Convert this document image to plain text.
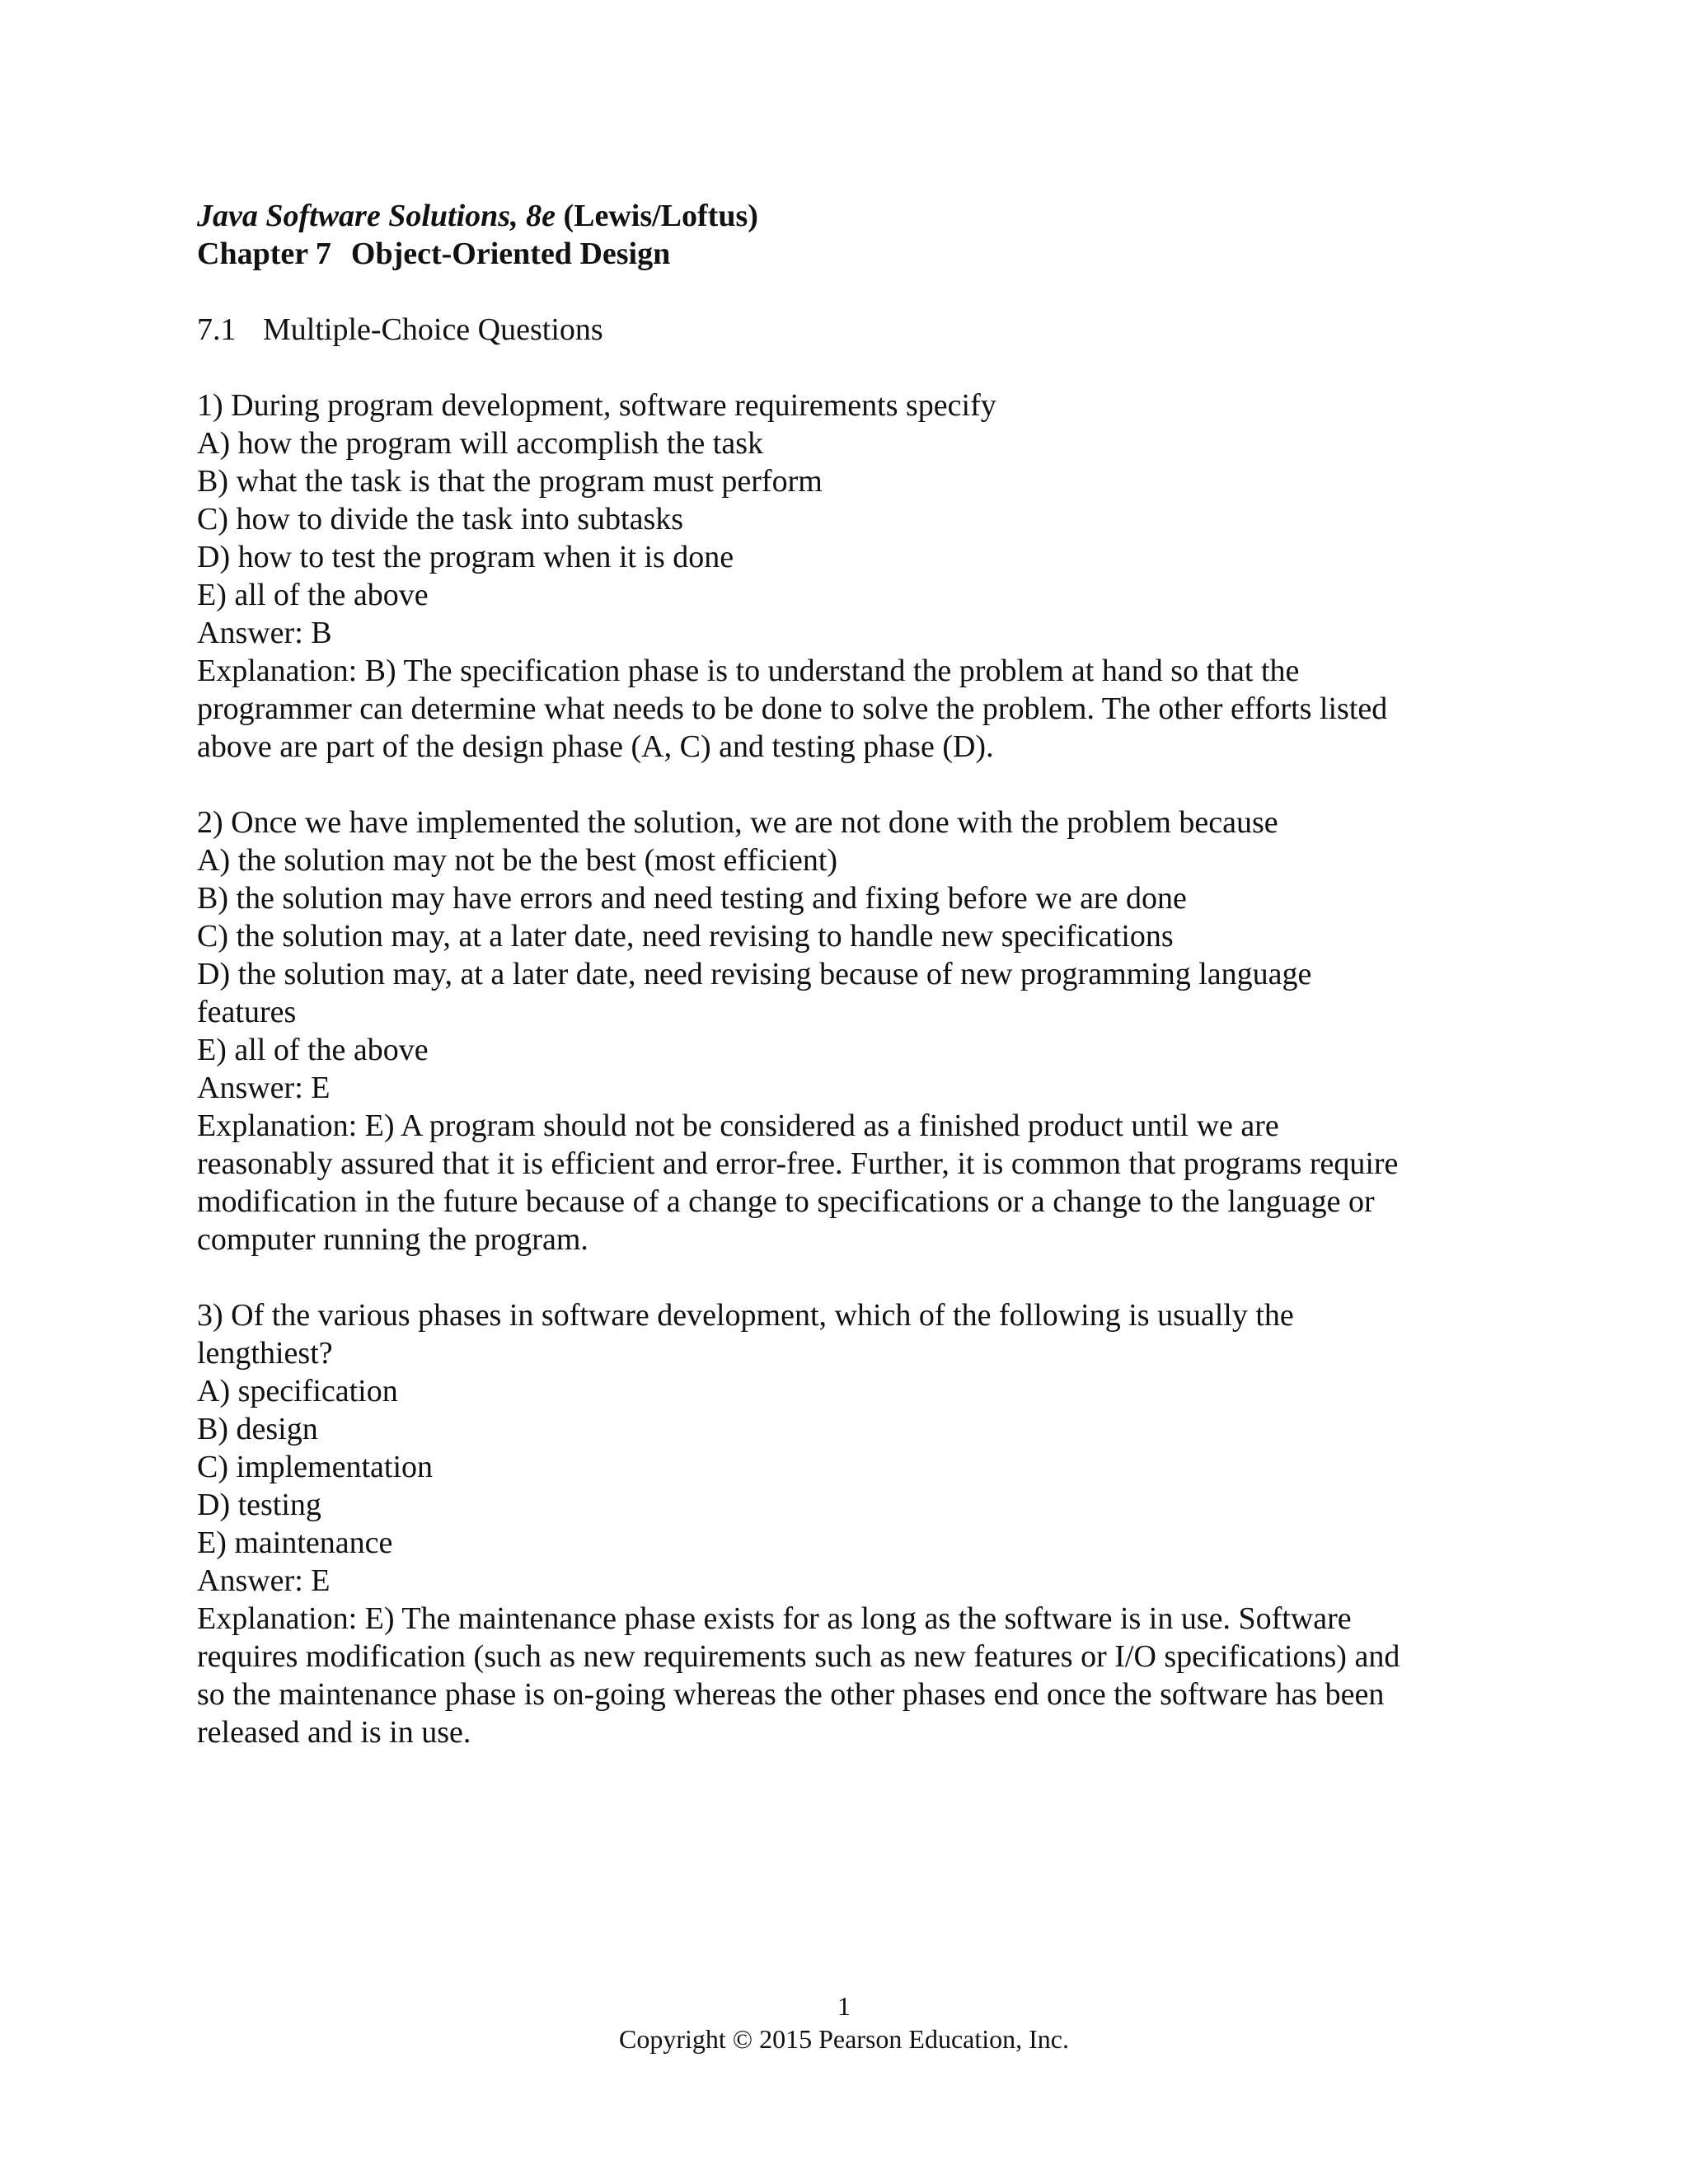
Java Software Solutions, 8e (Lewis/Loftus)
Chapter 7 Object-Oriented Design
7.1 Multiple-Choice Questions
1) During program development, software requirements specify
A) how the program will accomplish the task
B) what the task is that the program must perform
C) how to divide the task into subtasks
D) how to test the program when it is done
E) all of the above
Answer: B
Explanation: B) The specification phase is to understand the problem at hand so that the
programmer can determine what needs to be done to solve the problem. The other efforts listed
above are part of the design phase (A, C) and testing phase (D).
2) Once we have implemented the solution, we are not done with the problem because
A) the solution may not be the best (most efficient)
B) the solution may have errors and need testing and fixing before we are done
C) the solution may, at a later date, need revising to handle new specifications
D) the solution may, at a later date, need revising because of new programming language
features
E) all of the above
Answer: E
Explanation: E) A program should not be considered as a finished product until we are
reasonably assured that it is efficient and error-free. Further, it is common that programs require
modification in the future because of a change to specifications or a change to the language or
computer running the program.
3) Of the various phases in software development, which of the following is usually the
lengthiest?
A) specification
B) design
C) implementation
D) testing
E) maintenance
Answer: E
Explanation: E) The maintenance phase exists for as long as the software is in use. Software
requires modification (such as new requirements such as new features or I/O specifications) and
so the maintenance phase is on-going whereas the other phases end once the software has been
released and is in use.
1
Copyright © 2015 Pearson Education, Inc.
